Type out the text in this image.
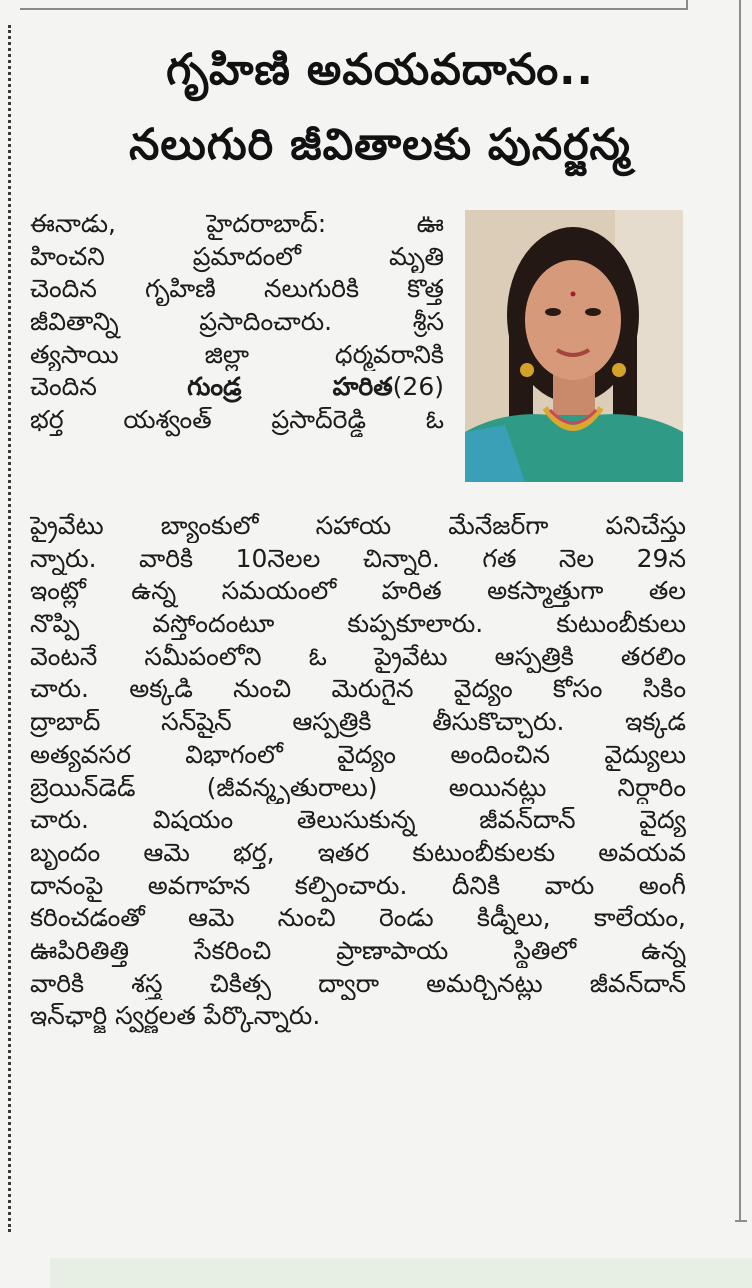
గృహిణి అవయవదానం..
నలుగురి జీవితాలకు పునర్జన్మ
ఈనాడు, హైదరాబాద్: ఊ
హించని ప్రమాదంలో మృతి
చెందిన గృహిణి నలుగురికి కొత్త
జీవితాన్ని ప్రసాదించారు. శ్రీస
త్యసాయి జిల్లా ధర్మవరానికి
చెందిన	గుండ్ర హరిత(26)
భర్త యశ్వంత్ ప్రసాద్‌రెడ్డి ఓ
ప్రైవేటు బ్యాంకులో సహాయ మేనేజర్‌గా పనిచేస్తు
న్నారు. వారికి 10నెలల చిన్నారి. గత నెల 29న
ఇంట్లో ఉన్న సమయంలో హరిత అకస్మాత్తుగా తల
నొప్పి వస్తోందంటూ కుప్పకూలారు. కుటుంబీకులు
వెంటనే సమీపంలోని ఓ ప్రైవేటు ఆస్పత్రికి తరలిం
చారు. అక్కడి నుంచి మెరుగైన వైద్యం కోసం సికిం
ద్రాబాద్ సన్‌షైన్ ఆస్పత్రికి తీసుకొచ్చారు. ఇక్కడ
అత్యవసర విభాగంలో వైద్యం అందించిన వైద్యులు
బ్రెయిన్‌డెడ్ (జీవన్మృతురాలు) అయినట్లు నిర్ధారిం
చారు. విషయం తెలుసుకున్న జీవన్‌దాన్ వైద్య
బృందం ఆమె భర్త, ఇతర కుటుంబీకులకు అవయవ
దానంపై అవగాహన కల్పించారు. దీనికి వారు అంగీ
కరించడంతో ఆమె నుంచి రెండు కిడ్నీలు, కాలేయం,
ఊపిరితిత్తి సేకరించి ప్రాణాపాయ స్థితిలో ఉన్న
వారికి శస్త్ర చికిత్స ద్వారా అమర్చినట్లు జీవన్‌దాన్
ఇన్‌ఛార్జి స్వర్ణలత పేర్కొన్నారు.
